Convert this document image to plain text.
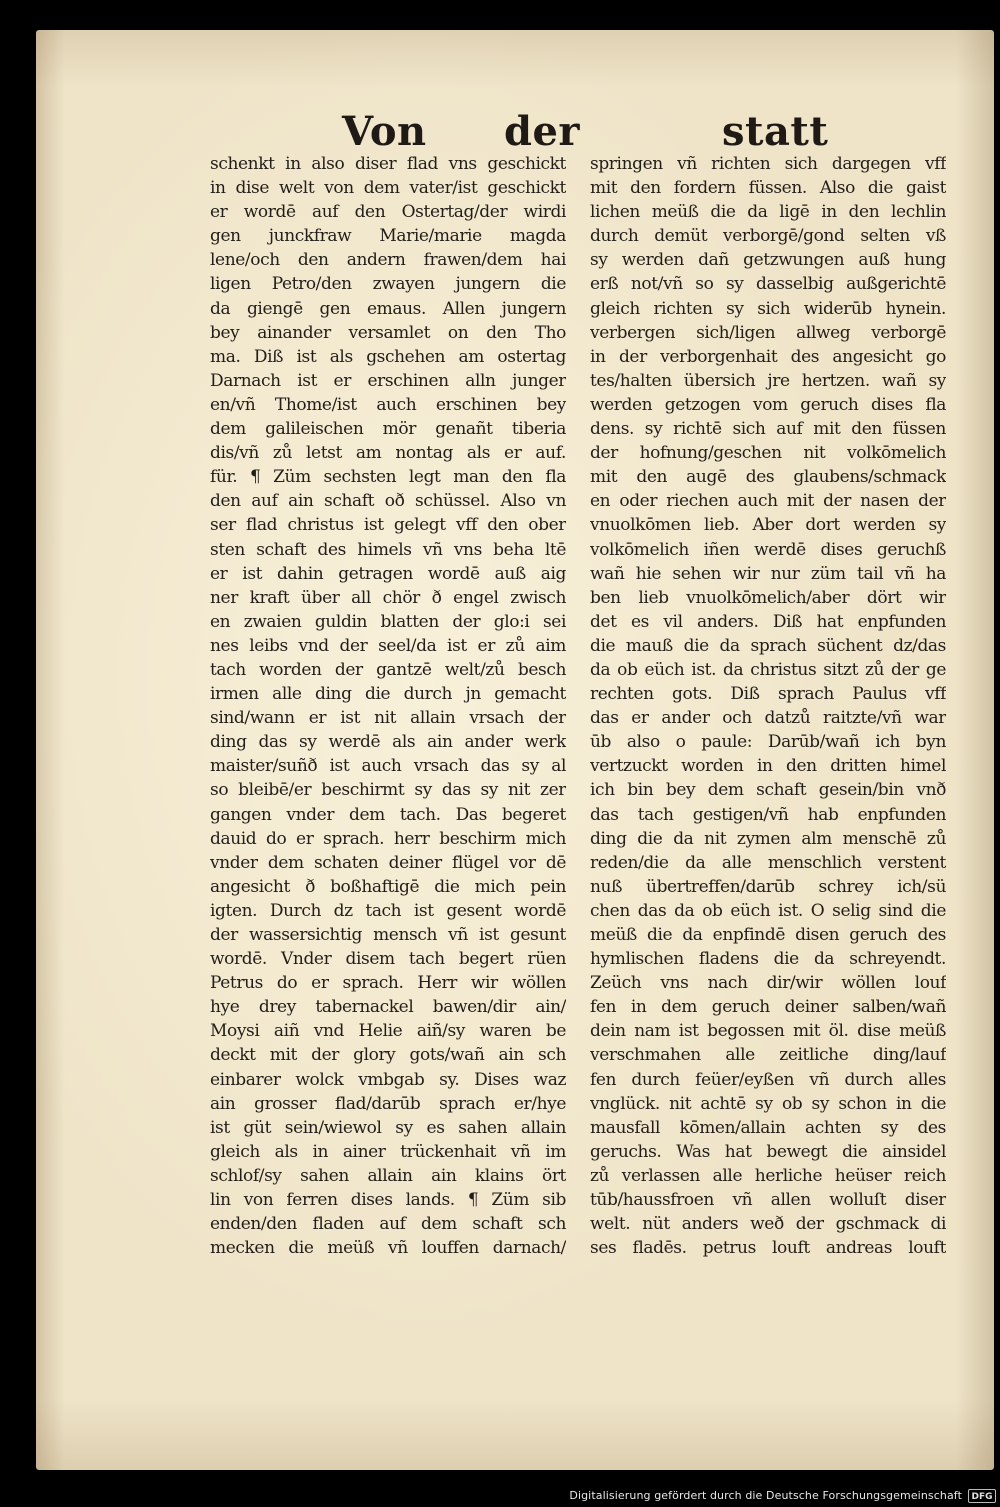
Von der	statt
schenkt in also diser flad vns geschickt
in dise welt von dem vater/ist geschickt
er wordē auf den Ostertag/der wirdi
gen junckfraw Marie/marie magda
lene/och den andern frawen/dem hai
ligen Petro/den zwayen jungern die
da giengē gen emaus. Allen jungern
bey ainander versamlet on den Tho
ma. Diß ist als gschehen am ostertag
Darnach ist er erschinen alln junger
en/vñ Thome/ist auch erschinen bey
dem galileischen mör genañt tiberia
dis/vñ zů letst am nontag als er auf.
für. ¶ Züm sechsten legt man den fla
den auf ain schaft oð schüssel. Also vn
ser flad christus ist gelegt vff den ober
sten schaft des himels vñ vns beha ltē
er ist dahin getragen wordē auß aig
ner kraft über all chör ð engel zwisch
en zwaien guldin blatten der glo:i sei
nes leibs vnd der seel/da ist er zů aim
tach worden der gantzē welt/zů besch
irmen alle ding die durch jn gemacht
sind/wann er ist nit allain vrsach der
ding das sy werdē als ain ander werk
maister/suñð ist auch vrsach das sy al
so bleibē/er beschirmt sy das sy nit zer
gangen vnder dem tach. Das begeret
dauid do er sprach. herr beschirm mich
vnder dem schaten deiner flügel vor dē
angesicht ð boßhaftigē die mich pein
igten. Durch dz tach ist gesent wordē
der wassersichtig mensch vñ ist gesunt
wordē. Vnder disem tach begert rüen
Petrus do er sprach. Herr wir wöllen
hye drey tabernackel bawen/dir ain/
Moysi aiñ vnd Helie aiñ/sy waren be
deckt mit der glory gots/wañ ain sch
einbarer wolck vmbgab sy. Dises waz
ain grosser flad/darūb sprach er/hye
ist güt sein/wiewol sy es sahen allain
gleich als in ainer trückenhait vñ im
schlof/sy sahen allain ain klains ört
lin von ferren dises lands. ¶ Züm sib
enden/den fladen auf dem schaft sch
mecken die meüß vñ louffen darnach/
springen vñ richten sich dargegen vff
mit den fordern füssen. Also die gaist
lichen meüß die da ligē in den lechlin
durch demüt verborgē/gond selten vß
sy werden dañ getzwungen auß hung
erß not/vñ so sy dasselbig außgerichtē
gleich richten sy sich widerūb hynein.
verbergen sich/ligen allweg verborgē
in der verborgenhait des angesicht go
tes/halten übersich jre hertzen. wañ sy
werden getzogen vom geruch dises fla
dens. sy richtē sich auf mit den füssen
der hofnung/geschen nit volkōmelich
mit den augē des glaubens/schmack
en oder riechen auch mit der nasen der
vnuolkōmen lieb. Aber dort werden sy
volkōmelich iñen werdē dises geruchß
wañ hie sehen wir nur züm tail vñ ha
ben lieb vnuolkōmelich/aber dört wir
det es vil anders. Diß hat enpfunden
die mauß die da sprach süchent dz/das
da ob eüch ist. da christus sitzt zů der ge
rechten gots. Diß sprach Paulus vff
das er ander och datzů raitzte/vñ war
ūb also o paule: Darūb/wañ ich byn
vertzuckt worden in den dritten himel
ich bin bey dem schaft gesein/bin vnð
das tach gestigen/vñ hab enpfunden
ding die da nit zymen alm menschē zů
reden/die da alle menschlich verstent
nuß übertreffen/darūb schrey ich/sü
chen das da ob eüch ist. O selig sind die
meüß die da enpfindē disen geruch des
hymlischen fladens die da schreyendt.
Zeüch vns nach dir/wir wöllen louf
fen in dem geruch deiner salben/wañ
dein nam ist begossen mit öl. dise meüß
verschmahen alle zeitliche ding/lauf
fen durch feüer/eyßen vñ durch alles
vnglück. nit achtē sy ob sy schon in die
mausfall kōmen/allain achten sy des
geruchs. Was hat bewegt die ainsidel
zů verlassen alle herliche heüser reich
tūb/haussfroen vñ allen wolluſt diser
welt. nüt anders weð der gschmack di
ses fladēs. petrus louft andreas louft
Digitalisierung gefördert durch die Deutsche Forschungsgemeinschaft	DFG
